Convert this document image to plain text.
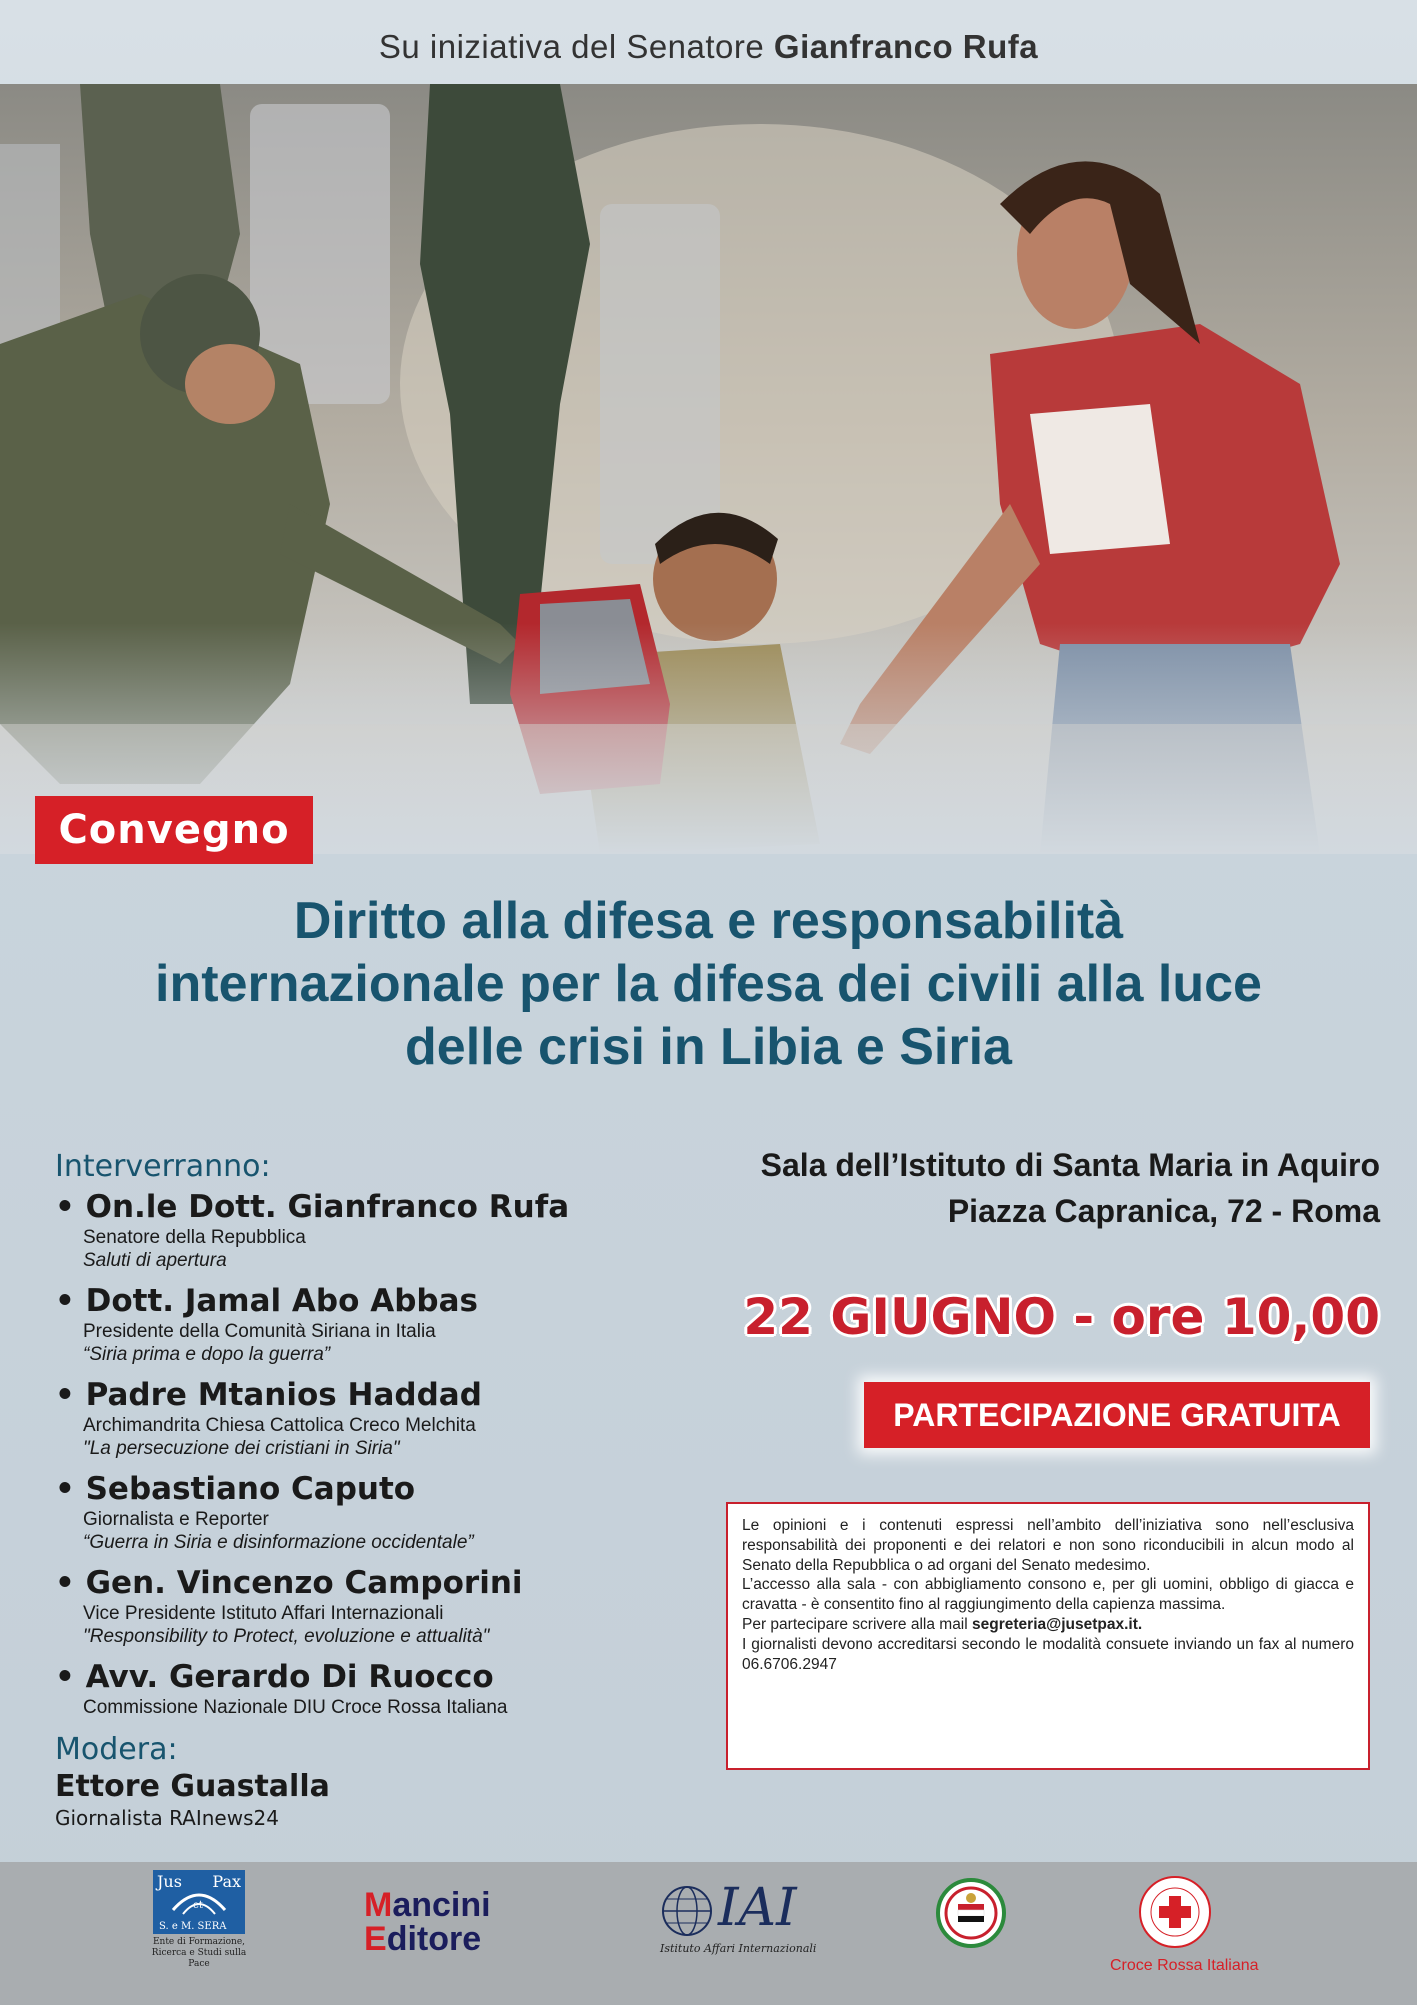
Su iniziativa del Senatore Gianfranco Rufa
Convegno
Diritto alla difesa e responsabilità
internazionale per la difesa dei civili alla luce
delle crisi in Libia e Siria
Interverranno:
• On.le Dott. Gianfranco Rufa
Senatore della Repubblica
Saluti di apertura
• Dott. Jamal Abo Abbas
Presidente della Comunità Siriana in Italia
“Siria prima e dopo la guerra”
• Padre Mtanios Haddad
Archimandrita Chiesa Cattolica Creco Melchita
"La persecuzione dei cristiani in Siria"
• Sebastiano Caputo
Giornalista e Reporter
“Guerra in Siria e disinformazione occidentale”
• Gen. Vincenzo Camporini
Vice Presidente Istituto Affari Internazionali
"Responsibility to Protect, evoluzione e attualità"
• Avv. Gerardo Di Ruocco
Commissione Nazionale DIU Croce Rossa Italiana
Modera:
Ettore Guastalla
Giornalista RAInews24
Sala dell’Istituto di Santa Maria in Aquiro
Piazza Capranica, 72 - Roma
22 GIUGNO - ore 10,00
PARTECIPAZIONE GRATUITA

Le opinioni e i contenuti espressi nell’ambito dell’iniziativa sono nell’esclusiva responsabilità dei proponenti e dei relatori e non sono riconducibili in alcun modo al Senato della Repubblica o ad organi del Senato medesimo.

L’accesso alla sala - con abbigliamento consono e, per gli uomini, obbligo di giacca e cravatta - è consentito fino al raggiungimento della capienza massima.

Per partecipare scrivere alla mail segreteria@jusetpax.it.

I giornalisti devono accreditarsi secondo le modalità consuete inviando un fax al numero 06.6706.2947

Jus Pax
et
S. e M. SERA
Ente di Formazione,
Ricerca e Studi sulla Pace
Mancini
Editore
IAI
Istituto Affari Internazionali
Croce Rossa Italiana
